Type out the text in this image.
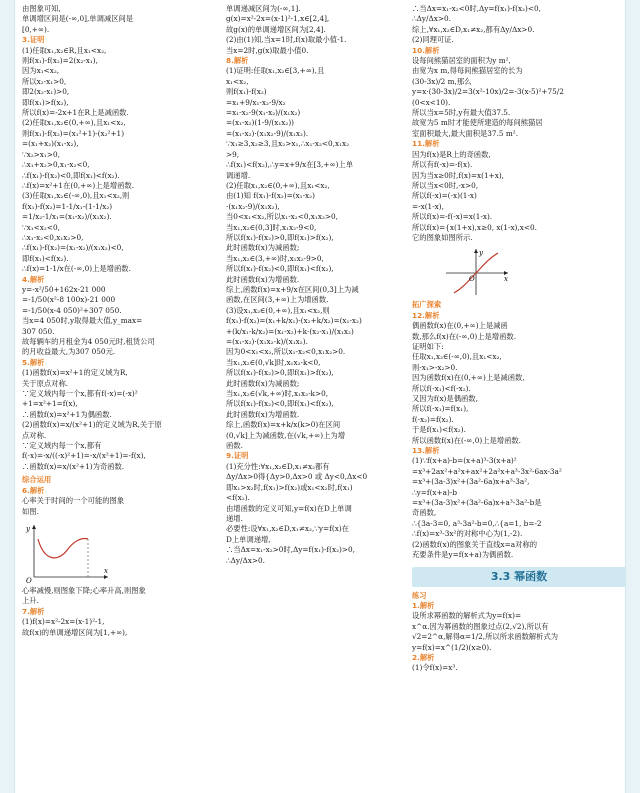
由图象可知,
单调增区间是(-∞,0],单调减区间是
[0,+∞).
3.证明
(1)任取x₁,x₂∈R,且x₁<x₂,
则f(x₁)-f(x₂)=2(x₂-x₁),
因为x₁<x₂,
所以x₂-x₁>0,
即2(x₂-x₁)>0,
即f(x₁)>f(x₂),
所以f(x)=-2x+1在R上是减函数.
(2)任取x₁,x₂∈(0,+∞),且x₁<x₂,
则f(x₁)-f(x₂)=(x₁²+1)-(x₂²+1)
=(x₁+x₂)(x₁-x₂),
∵x₂>x₁>0,
∴x₁+x₂>0,x₁-x₂<0,
∴f(x₁)-f(x₂)<0,即f(x₁)<f(x₂).
∴f(x)=x²+1在(0,+∞)上是增函数.
(3)任取x₁,x₂∈(-∞,0),且x₁<x₂,则
f(x₁)-f(x₂)=1-1/x₁-(1-1/x₂)
=1/x₂-1/x₁=(x₁-x₂)/(x₁x₂).
∵x₁<x₂<0,
∴x₁-x₂<0,x₁x₂>0,
∴f(x₁)-f(x₂)=(x₁-x₂)/(x₁x₂)<0,
即f(x₁)<f(x₂).
∴f(x)=1-1/x在(-∞,0)上是增函数.
4.解析
y=-x²/50+162x-21 000
=-1/50(x²-8 100x)-21 000
=-1/50(x-4 050)²+307 050.
当x=4 050时,y取得最大值,y_max=
307 050.
故每辆车的月租金为4 050元时,租赁公司
的月收益最大,为307 050元.
5.解析
(1)函数f(x)=x²+1的定义域为R,
关于原点对称.
∵定义域内每一个x,都有f(-x)=(-x)²
+1=x²+1=f(x),
∴函数f(x)=x²+1为偶函数.
(2)函数f(x)=x/(x²+1)的定义域为R,关于原
点对称.
∵定义域内每一个x,都有
f(-x)=-x/((-x)²+1)=-x/(x²+1)=-f(x),
∴函数f(x)=x/(x²+1)为奇函数.
综合运用
6.解析
心率关于时间的一个可能的图象
如图.
y
x
O
心率减慢,则图象下降;心率升高,则图象
上升.
7.解析
(1)f(x)=x²-2x=(x-1)²-1,
故f(x)的单调递增区间为[1,+∞),
单调递减区间为(-∞,1].
g(x)=x²-2x=(x-1)²-1,x∈[2,4],
故g(x)的单调递增区间为[2,4].
(2)由(1)知,当x=1时,f(x)取最小值-1.
当x=2时,g(x)取最小值0.
8.解析
(1)证明:任取x₁,x₂∈[3,+∞),且
x₁<x₂,
则f(x₁)-f(x₂)
=x₁+9/x₁-x₂-9/x₂
=x₁-x₂-9(x₁-x₂)/(x₁x₂)
=(x₁-x₂)(1-9/(x₁x₂))
=(x₁-x₂)·(x₁x₂-9)/(x₁x₂).
∵x₁≥3,x₂≥3,且x₂>x₁,∴x₁-x₂<0,x₁x₂
>9,
∴f(x₁)<f(x₂),∴y=x+9/x在[3,+∞)上单
调递增.
(2)任取x₁,x₂∈(0,+∞),且x₁<x₂,
由(1)知 f(x₁)-f(x₂)=(x₁-x₂)
·(x₁x₂-9)/(x₁x₂),
当0<x₁<x₂,所以x₁-x₂<0,x₁x₂>0,
当x₁,x₂∈(0,3]时,x₁x₂-9<0,
所以f(x₁)-f(x₂)>0,即f(x₁)>f(x₂),
此时函数f(x)为减函数;
当x₁,x₂∈(3,+∞)时,x₁x₂-9>0,
所以f(x₁)-f(x₂)<0,即f(x₁)<f(x₂),
此时函数f(x)为增函数.
综上,函数f(x)=x+9/x在区间(0,3]上为减
函数,在区间(3,+∞)上为增函数.
(3)设x₁,x₂∈(0,+∞),且x₁<x₂,则
f(x₁)-f(x₂)=(x₁+k/x₁)-(x₂+k/x₂)=(x₁-x₂)
+(k/x₁-k/x₂)=(x₁-x₂)+k·(x₂-x₁)/(x₁x₂)
=(x₁-x₂)·(x₁x₂-k)/(x₁x₂).
因为0<x₁<x₂,所以x₁-x₂<0,x₁x₂>0.
当x₁,x₂∈(0,√k]时,x₁x₂-k<0,
所以f(x₁)-f(x₂)>0,即f(x₁)>f(x₂),
此时函数f(x)为减函数;
当x₁,x₂∈(√k,+∞)时,x₁x₂-k>0,
所以f(x₁)-f(x₂)<0,即f(x₁)<f(x₂),
此时函数f(x)为增函数.
综上,函数f(x)=x+k/x(k>0)在区间
(0,√k]上为减函数,在(√k,+∞)上为增
函数.
9.证明
(1)充分性:∀x₁,x₂∈D,x₁≠x₂都有
Δy/Δx>0得{Δy>0,Δx>0 或 Δy<0,Δx<0
即x₁>x₂时,f(x₁)>f(x₂)或x₁<x₂时,f(x₁)
<f(x₂).
由增函数的定义可知,y=f(x)在D上单调
递增.
必要性:设∀x₁,x₂∈D,x₁≠x₂,∵y=f(x)在
D上单调递增,
∴当Δx=x₁-x₂>0时,Δy=f(x₁)-f(x₂)>0,
∴Δy/Δx>0.
∴当Δx=x₁-x₂<0时,Δy=f(x₁)-f(x₂)<0,
∴Δy/Δx>0.
综上,∀x₁,x₂∈D,x₁≠x₂,都有Δy/Δx>0.
(2)同理可证.
10.解析
设每间熊猫居室的面积为y m²,
由宽为x m,得每间熊猫居室的长为
(30-3x)/2 m,那么
y=x·(30-3x)/2=3(x²-10x)/2=-3(x-5)²+75/2
(0<x<10).
所以当x=5时,y有最大值37.5.
故宽为5 m时才能使所建造的每间熊猫居
室面积最大,最大面积是37.5 m².
11.解析
因为f(x)是R上的奇函数,
所以有f(-x)=-f(x).
因为当x≥0时,f(x)=x(1+x),
所以当x<0时,-x>0,
所以f(-x)=(-x)(1-x)
=-x(1-x),
所以f(x)=-f(-x)=x(1-x).
所以f(x)={x(1+x),x≥0, x(1-x),x<0.
它的图象如图所示.
y
x
O
拓广探索
12.解析
偶函数f(x)在(0,+∞)上是减函
数,那么f(x)在(-∞,0)上是增函数.
证明如下:
任取x₁,x₂∈(-∞,0),且x₁<x₂,
则-x₁>-x₂>0.
因为函数f(x)在(0,+∞)上是减函数,
所以f(-x₁)<f(-x₂).
又因为f(x)是偶函数,
所以f(-x₁)=f(x₁),
f(-x₂)=f(x₂).
于是f(x₁)<f(x₂).
所以函数f(x)在(-∞,0)上是增函数.
13.解析
(1)∵f(x+a)-b=(x+a)³-3(x+a)²
=x³+2ax²+a²x+ax²+2a²x+a³-3x²-6ax-3a²
=x³+(3a-3)x²+(3a²-6a)x+a³-3a²,
∴y=f(x+a)-b
=x³+(3a-3)x²+(3a²-6a)x+a³-3a²-b是
奇函数,
∴{3a-3=0, a³-3a²-b=0,∴{a=1, b=-2
∴f(x)=x³-3x²的对称中心为(1,-2).
(2)函数f(x)的图象关于直线x=a对称的
充要条件是y=f(x+a)为偶函数.
3.3 幂函数
练习
1.解析
设所求幂函数的解析式为y=f(x)=
x^α.因为幂函数的图象过点(2,√2),所以有
√2=2^α,解得α=1/2,所以所求函数解析式为
y=f(x)=x^(1/2)(x≥0).
2.解析
(1)令f(x)=x³.
